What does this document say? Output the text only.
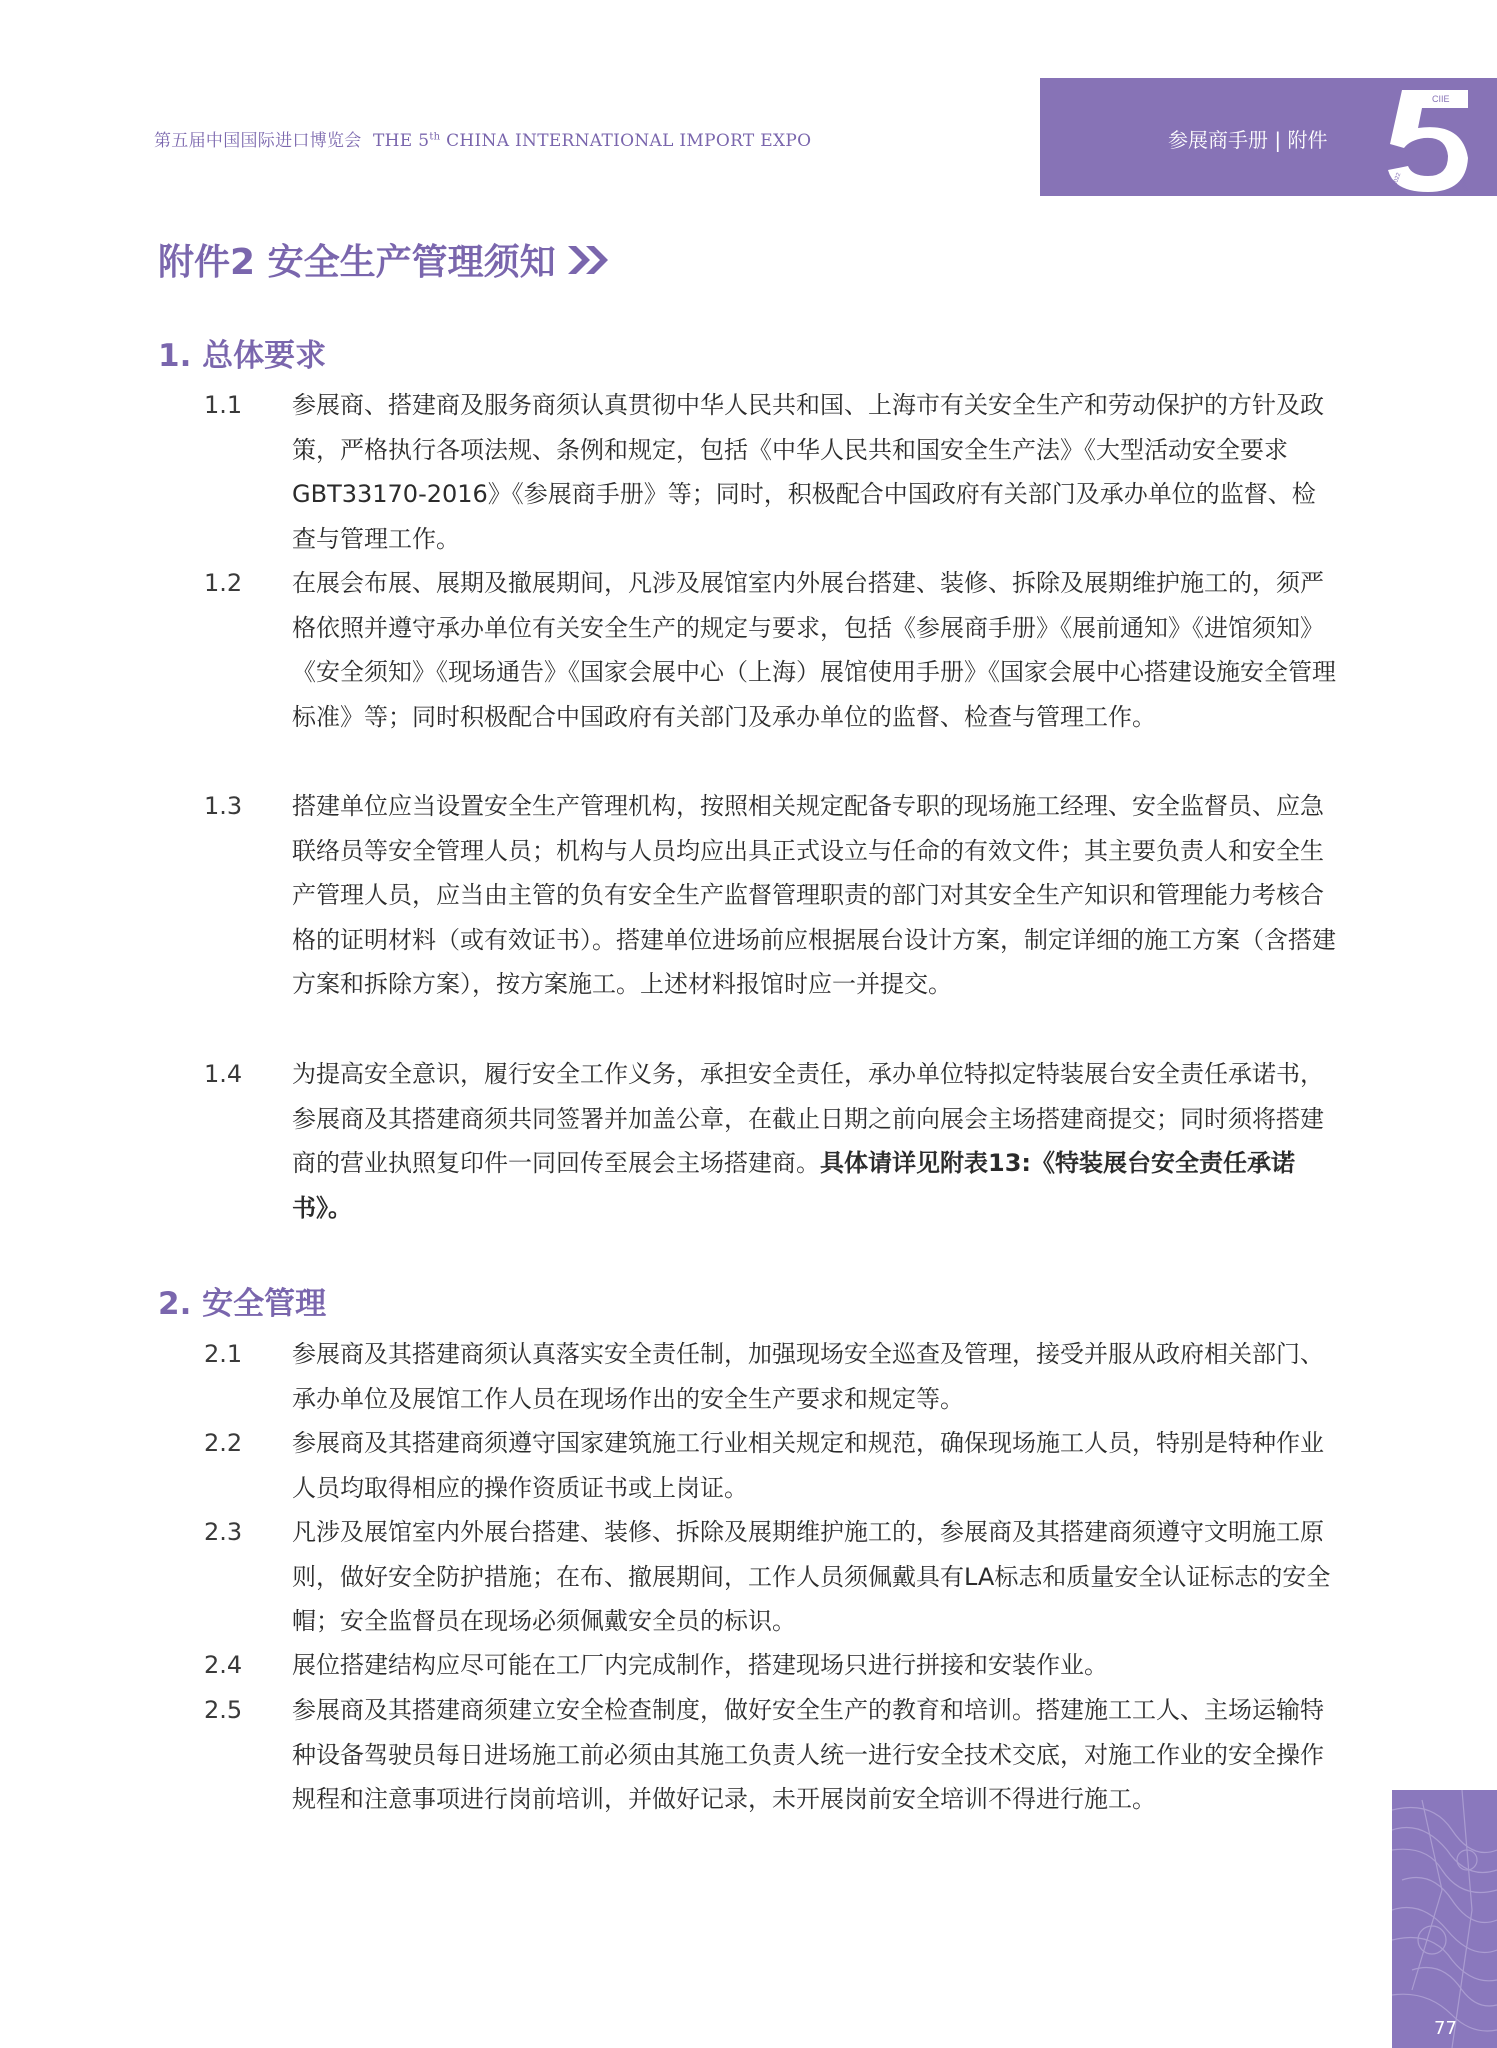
第五届中国国际进口博览会 THE 5th CHINA INTERNATIONAL IMPORT EXPO	参展商手册 | 附件
CIIE
2022	2022
附件2 安全生产管理须知
1. 总体要求
1.1 参展商、搭建商及服务商须认真贯彻中华人民共和国、上海市有关安全生产和劳动保护的方针及政策，严格执行各项法规、条例和规定，包括《中华人民共和国安全生产法》《大型活动安全要求GBT33170-2016》《参展商手册》等；同时，积极配合中国政府有关部门及承办单位的监督、检查与管理工作。

1.2 在展会布展、展期及撤展期间，凡涉及展馆室内外展台搭建、装修、拆除及展期维护施工的，须严格依照并遵守承办单位有关安全生产的规定与要求，包括《参展商手册》《展前通知》《进馆须知》《安全须知》《现场通告》《国家会展中心（上海）展馆使用手册》《国家会展中心搭建设施安全管理标准》等；同时积极配合中国政府有关部门及承办单位的监督、检查与管理工作。

1.3 搭建单位应当设置安全生产管理机构，按照相关规定配备专职的现场施工经理、安全监督员、应急联络员等安全管理人员；机构与人员均应出具正式设立与任命的有效文件；其主要负责人和安全生产管理人员，应当由主管的负有安全生产监督管理职责的部门对其安全生产知识和管理能力考核合格的证明材料（或有效证书）。搭建单位进场前应根据展台设计方案，制定详细的施工方案（含搭建方案和拆除方案），按方案施工。上述材料报馆时应一并提交。

1.4 为提高安全意识，履行安全工作义务，承担安全责任，承办单位特拟定特装展台安全责任承诺书，参展商及其搭建商须共同签署并加盖公章，在截止日期之前向展会主场搭建商提交；同时须将搭建商的营业执照复印件一同回传至展会主场搭建商。具体请详见附表13:《特装展台安全责任承诺书》。

2. 安全管理
2.1 参展商及其搭建商须认真落实安全责任制，加强现场安全巡查及管理，接受并服从政府相关部门、承办单位及展馆工作人员在现场作出的安全生产要求和规定等。

2.2 参展商及其搭建商须遵守国家建筑施工行业相关规定和规范，确保现场施工人员，特别是特种作业人员均取得相应的操作资质证书或上岗证。

2.3 凡涉及展馆室内外展台搭建、装修、拆除及展期维护施工的，参展商及其搭建商须遵守文明施工原则，做好安全防护措施；在布、撤展期间，工作人员须佩戴具有LA标志和质量安全认证标志的安全帽；安全监督员在现场必须佩戴安全员的标识。

2.4 展位搭建结构应尽可能在工厂内完成制作，搭建现场只进行拼接和安装作业。

2.5 参展商及其搭建商须建立安全检查制度，做好安全生产的教育和培训。搭建施工工人、主场运输特种设备驾驶员每日进场施工前必须由其施工负责人统一进行安全技术交底，对施工作业的安全操作规程和注意事项进行岗前培训，并做好记录，未开展岗前安全培训不得进行施工。

77
